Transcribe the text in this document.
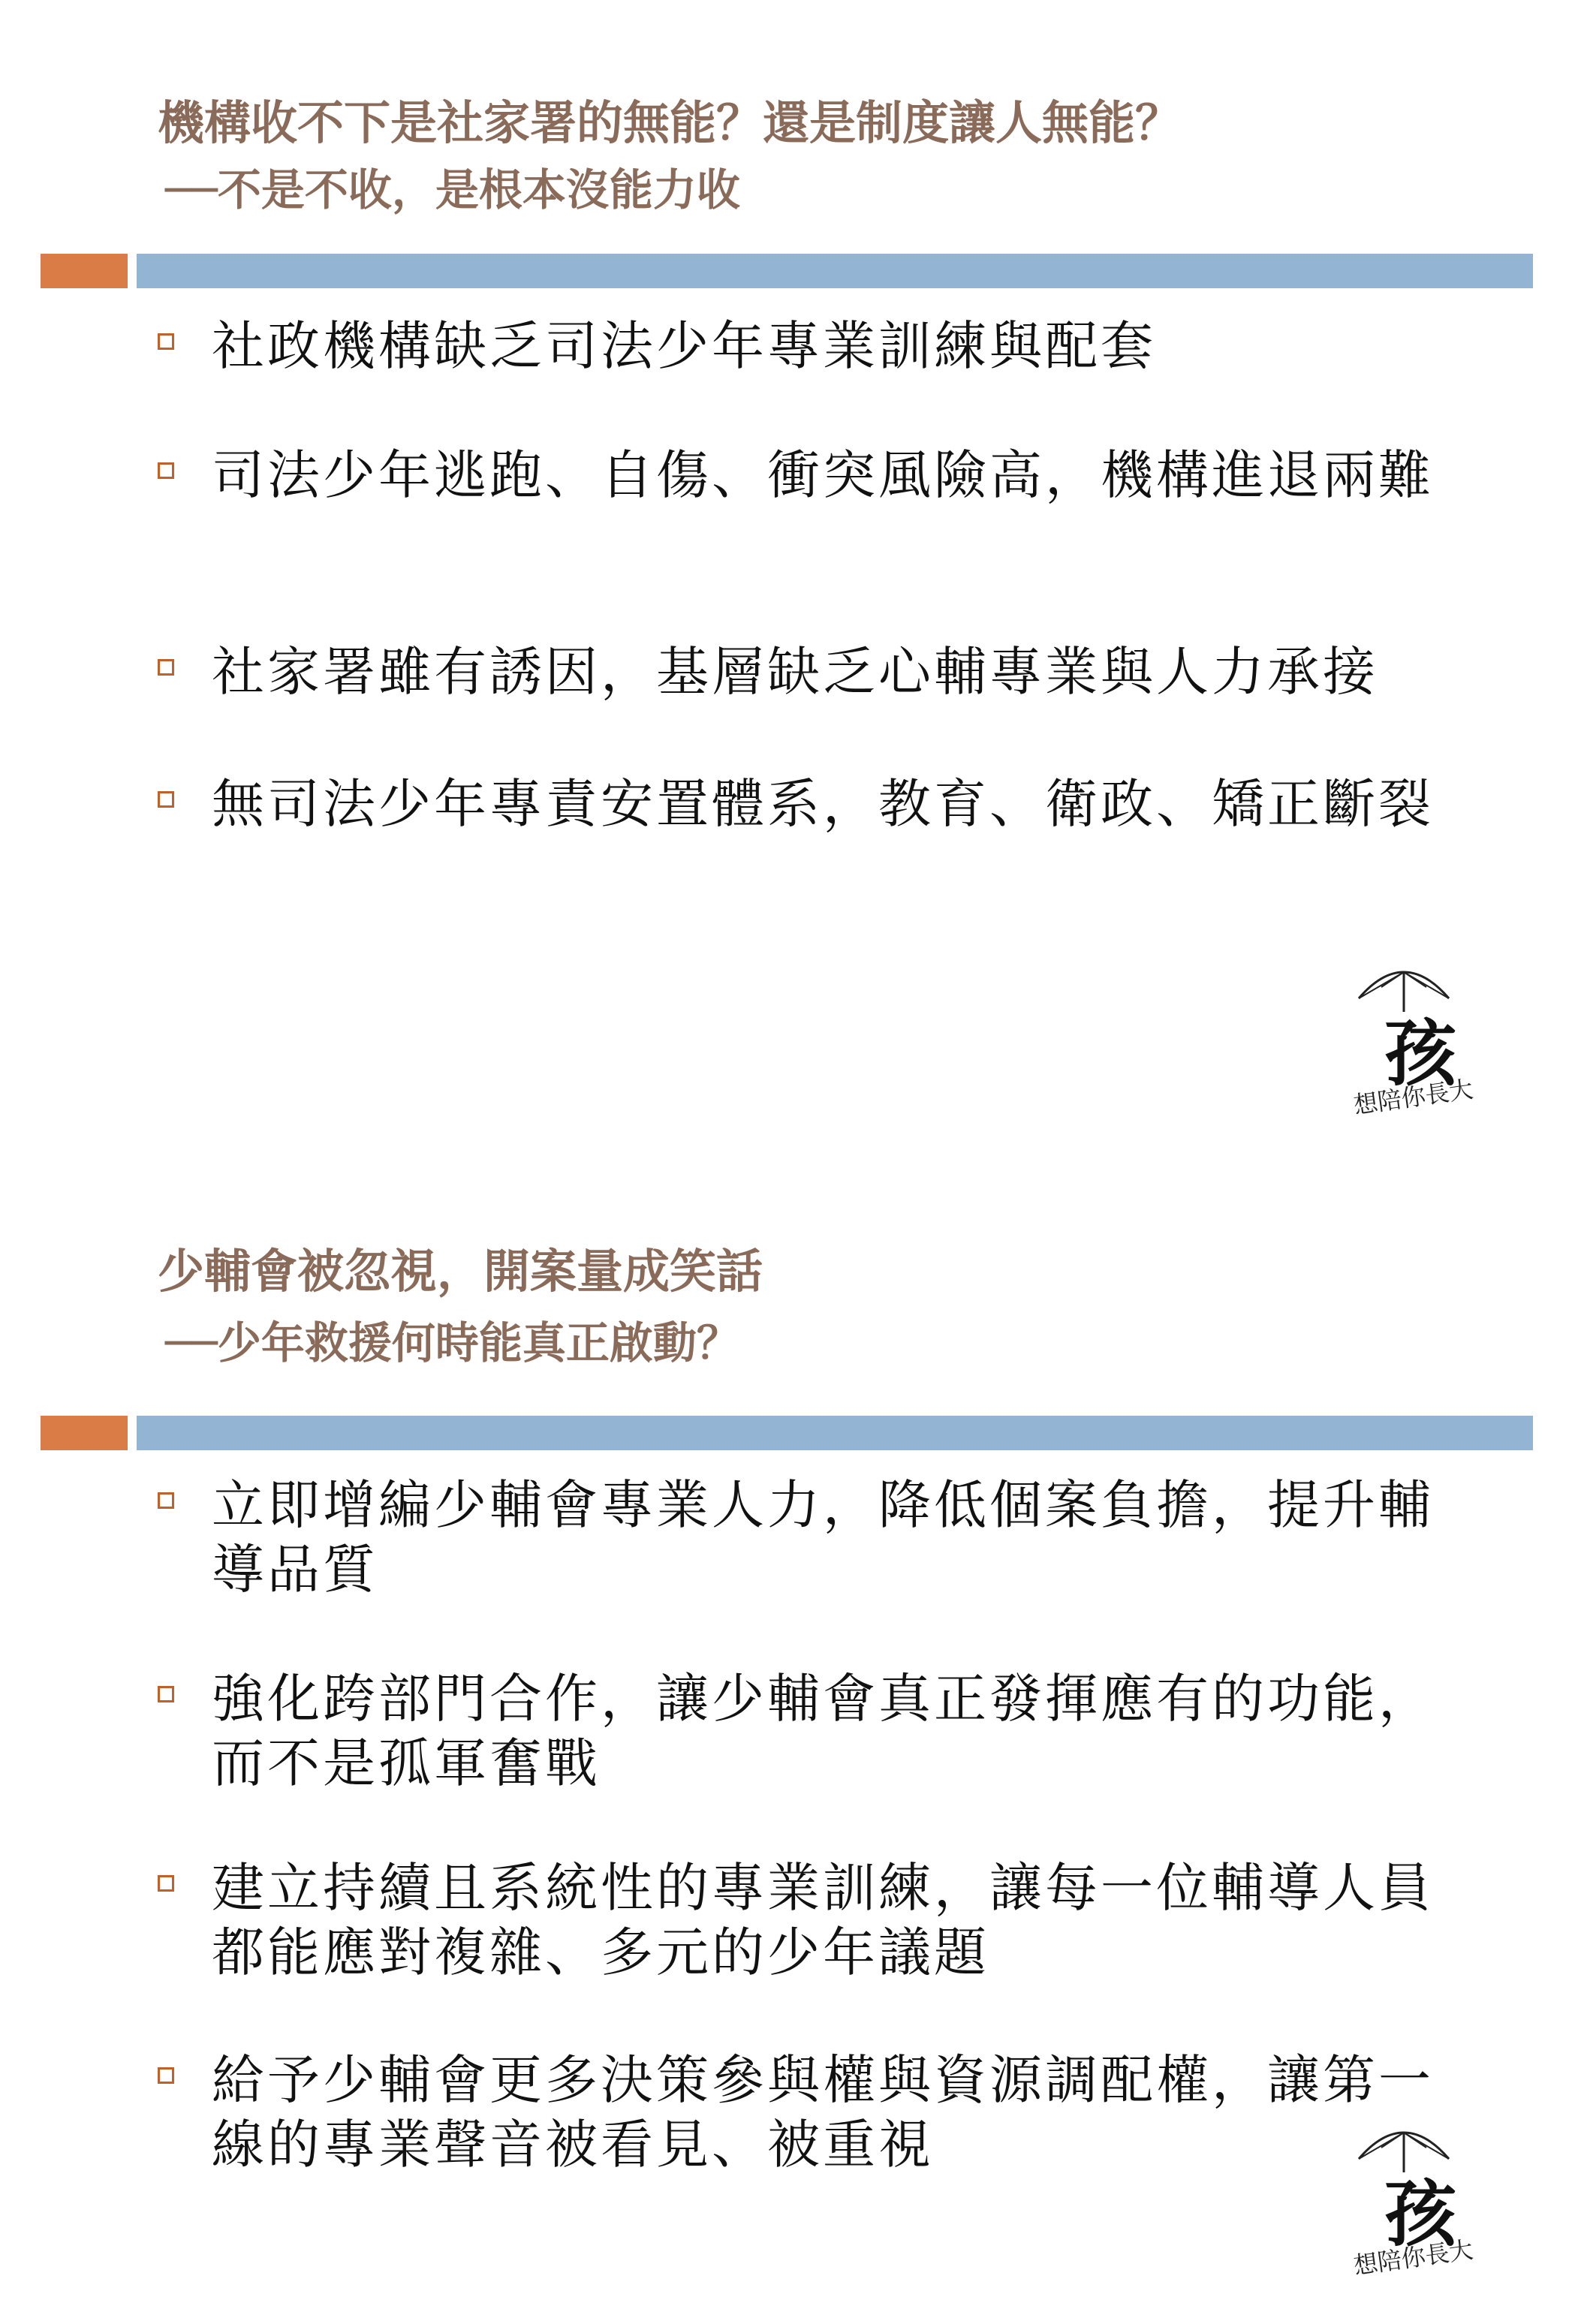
機構收不下是社家署的無能？還是制度讓人無能？
──不是不收，是根本沒能力收
社政機構缺乏司法少年專業訓練與配套
司法少年逃跑、自傷、衝突風險高，機構進退兩難
社家署雖有誘因，基層缺乏心輔專業與人力承接
無司法少年專責安置體系，教育、衛政、矯正斷裂
孩
想陪你長大
少輔會被忽視，開案量成笑話
──少年救援何時能真正啟動？
立即增編少輔會專業人力，降低個案負擔，提升輔導品質
強化跨部門合作，讓少輔會真正發揮應有的功能，而不是孤軍奮戰
建立持續且系統性的專業訓練，讓每一位輔導人員都能應對複雜、多元的少年議題
給予少輔會更多決策參與權與資源調配權，讓第一線的專業聲音被看見、被重視
孩
想陪你長大
